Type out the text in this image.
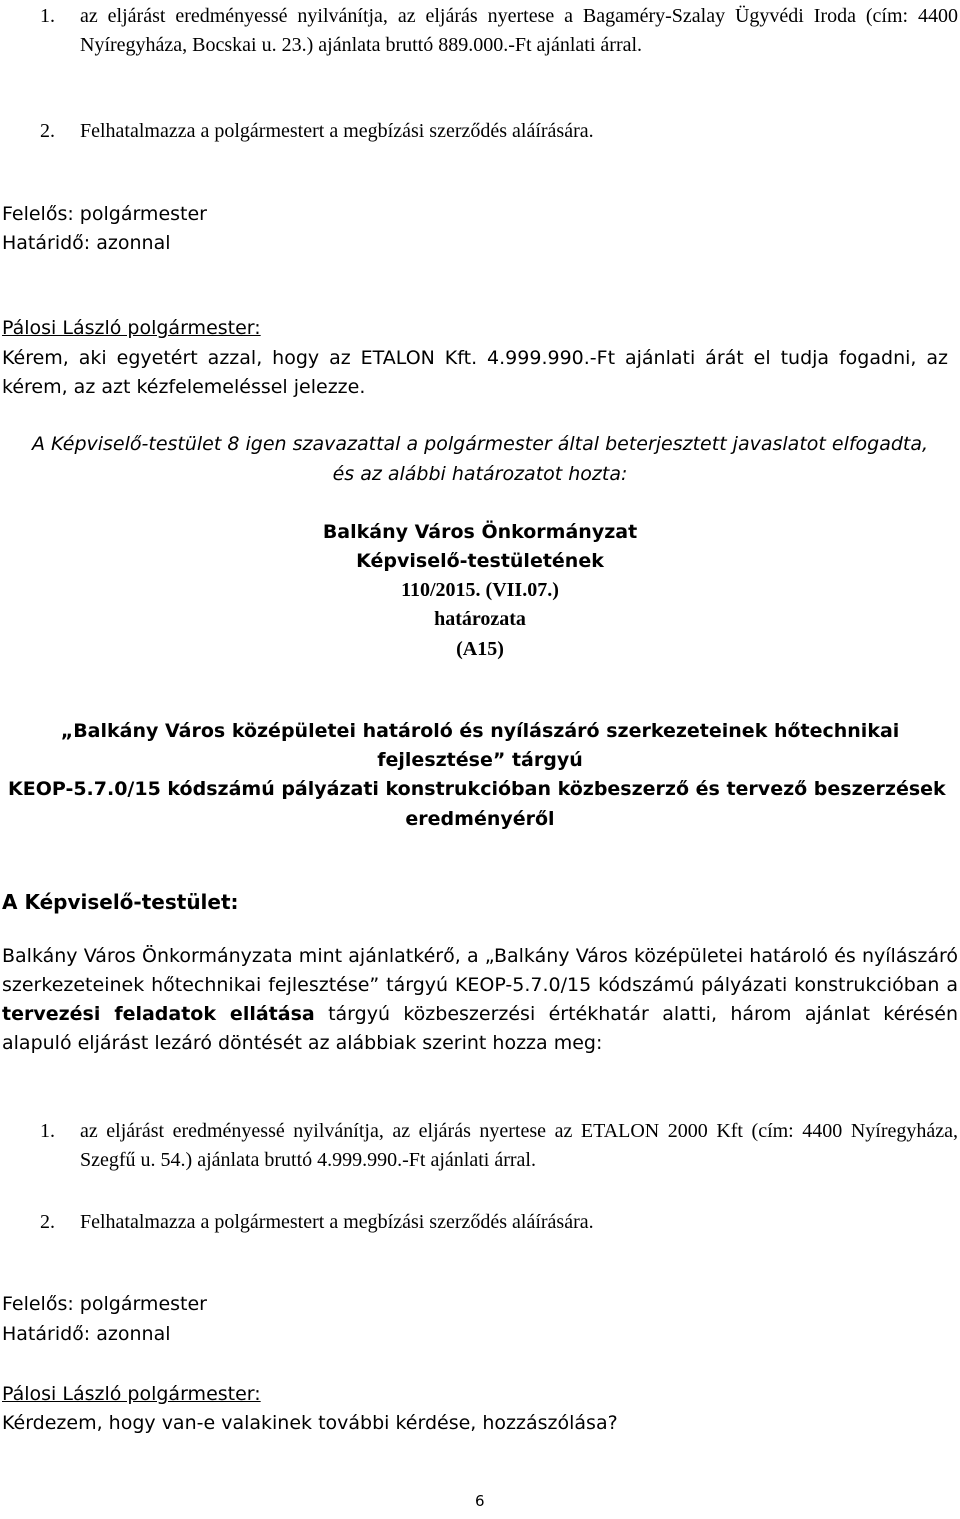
1. az eljárást eredményessé nyilvánítja, az eljárás nyertese a Bagaméry-Szalay Ügyvédi Iroda (cím: 4400 Nyíregyháza, Bocskai u. 23.) ajánlata bruttó 889.000.-Ft ajánlati árral.
2. Felhatalmazza a polgármestert a megbízási szerződés aláírására.
Felelős: polgármester
Határidő: azonnal
Pálosi László polgármester:
Kérem, aki egyetért azzal, hogy az ETALON Kft. 4.999.990.-Ft ajánlati árát el tudja fogadni, az kérem, az azt kézfelemeléssel jelezze.
A Képviselő-testület 8 igen szavazattal a polgármester által beterjesztett javaslatot elfogadta,
és az alábbi határozatot hozta:
Balkány Város Önkormányzat
Képviselő-testületének
110/2015. (VII.07.)
határozata
(A15)
„Balkány Város középületei határoló és nyílászáró szerkezeteinek hőtechnikai
fejlesztése” tárgyú
KEOP-5.7.0/15 kódszámú pályázati konstrukcióban közbeszerző és tervező beszerzések
eredményéről
A Képviselő-testület:
Balkány Város Önkormányzata mint ajánlatkérő, a „Balkány Város középületei határoló és nyílászáró szerkezeteinek hőtechnikai fejlesztése” tárgyú KEOP-5.7.0/15 kódszámú pályázati konstrukcióban a tervezési feladatok ellátása tárgyú közbeszerzési értékhatár alatti, három ajánlat kérésén alapuló eljárást lezáró döntését az alábbiak szerint hozza meg:
1. az eljárást eredményessé nyilvánítja, az eljárás nyertese az ETALON 2000 Kft (cím: 4400 Nyíregyháza, Szegfű u. 54.) ajánlata bruttó 4.999.990.-Ft ajánlati árral.
2. Felhatalmazza a polgármestert a megbízási szerződés aláírására.
Felelős: polgármester
Határidő: azonnal
Pálosi László polgármester:
Kérdezem, hogy van-e valakinek további kérdése, hozzászólása?
6
